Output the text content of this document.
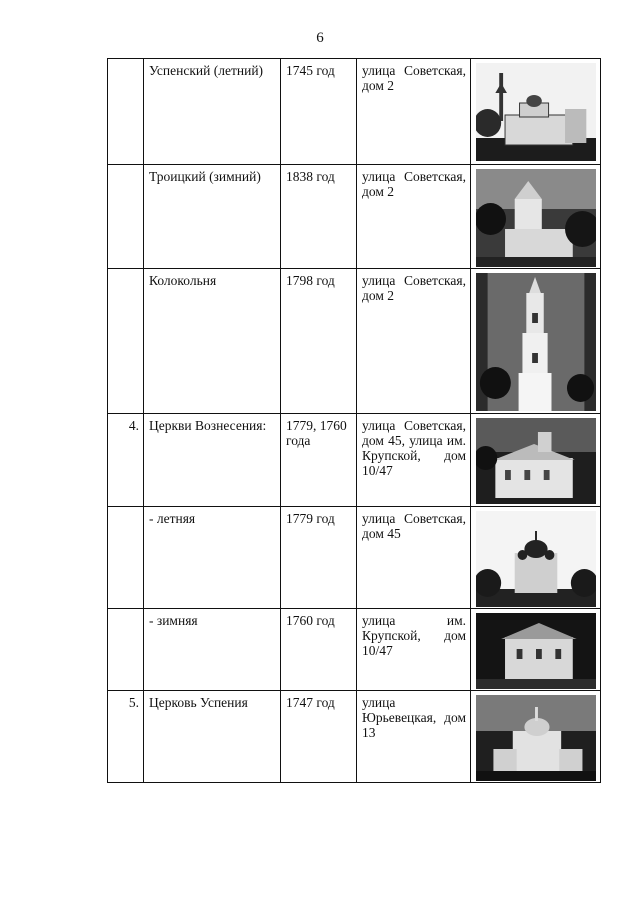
6
	Успенский (летний)	1745 год	улица Советская, дом 2	

	Троицкий (зимний)	1838 год	улица Советская, дом 2	

	Колокольня	1798 год	улица Советская, дом 2	

4.	Церкви Вознесения:	1779, 1760 года	улица Советская, дом 45, улица им. Крупской, дом 10/47	

	- летняя	1779 год	улица Советская, дом 45	

	- зимняя	1760 год	улица им. Крупской, дом 10/47	

5.	Церковь Успения	1747 год	улица Юрьевецкая, дом 13	
